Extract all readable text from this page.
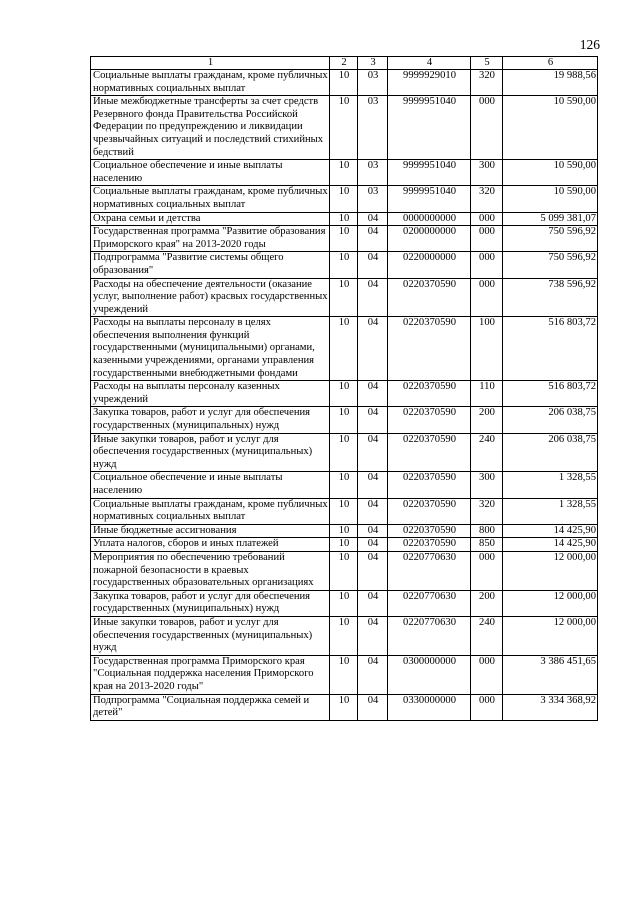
126
1	2	3	4	5	6
Социальные выплаты гражданам, кроме публичных нормативных социальных выплат	10	03	9999929010	320	19 988,56
Иные межбюджетные трансферты за счет средств Резервного фонда Правительства Российской Федерации по предупреждению и ликвидации чрезвычайных ситуаций и последствий стихийных бедствий	10	03	9999951040	000	10 590,00
Социальное обеспечение и иные выплаты населению	10	03	9999951040	300	10 590,00
Социальные выплаты гражданам, кроме публичных нормативных социальных выплат	10	03	9999951040	320	10 590,00
Охрана семьи и детства	10	04	0000000000	000	5 099 381,07
Государственная программа "Развитие образования Приморского края" на 2013-2020 годы	10	04	0200000000	000	750 596,92
Подпрограмма "Развитие системы общего образования"	10	04	0220000000	000	750 596,92
Расходы на обеспечение деятельности (оказание услуг, выполнение работ) красвых государственных учреждений	10	04	0220370590	000	738 596,92
Расходы на выплаты персоналу в целях обеспечения выполнения функций государственными (муниципальными) органами, казенными учреждениями, органами управления государственными внебюджетными фондами	10	04	0220370590	100	516 803,72
Расходы на выплаты персоналу казенных учреждений	10	04	0220370590	110	516 803,72
Закупка товаров, работ и услуг для обеспечения государственных (муниципальных) нужд	10	04	0220370590	200	206 038,75
Иные закупки товаров, работ и услуг для обеспечения государственных (муниципальных) нужд	10	04	0220370590	240	206 038,75
Социальное обеспечение и иные выплаты населению	10	04	0220370590	300	1 328,55
Социальные выплаты гражданам, кроме публичных нормативных социальных выплат	10	04	0220370590	320	1 328,55
Иные бюджетные ассигнования	10	04	0220370590	800	14 425,90
Уплата налогов, сборов и иных платежей	10	04	0220370590	850	14 425,90
Мероприятия по обеспечению требований пожарной безопасности в краевых государственных образовательных организациях	10	04	0220770630	000	12 000,00
Закупка товаров, работ и услуг для обеспечения государственных (муниципальных) нужд	10	04	0220770630	200	12 000,00
Иные закупки товаров, работ и услуг для обеспечения государственных (муниципальных) нужд	10	04	0220770630	240	12 000,00
Государственная программа Приморского края "Социальная поддержка населения Приморского края на 2013-2020 годы"	10	04	0300000000	000	3 386 451,65
Подпрограмма "Социальная поддержка семей и детей"	10	04	0330000000	000	3 334 368,92
